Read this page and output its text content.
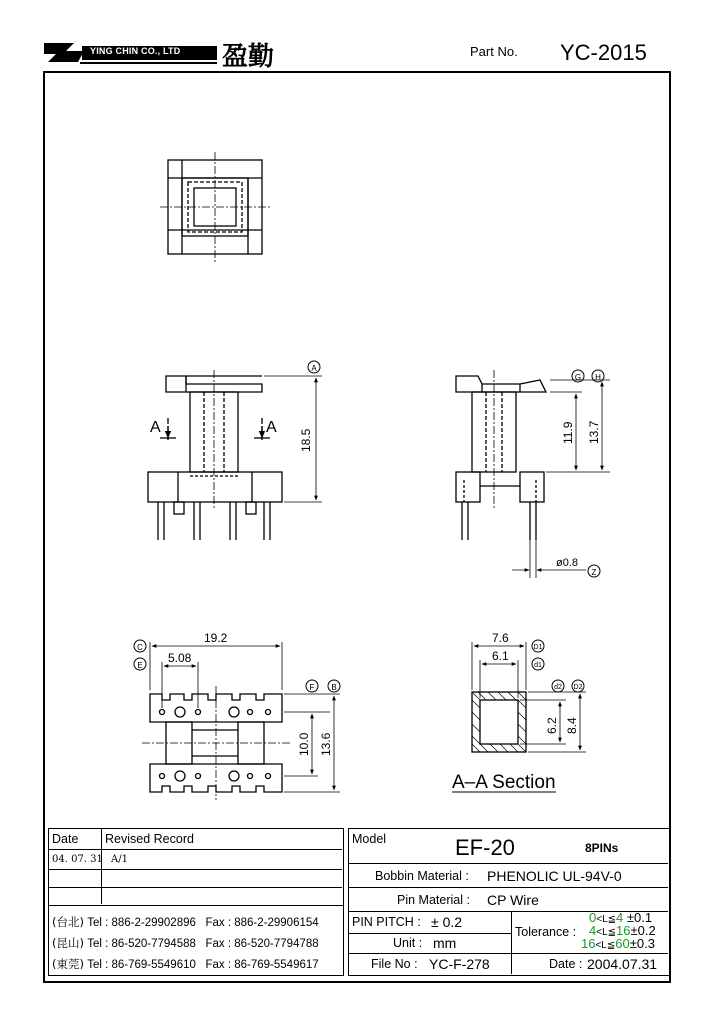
YING CHIN CO., LTD 盈勤	Part No. YC-2015
A	A
18.5
A
11.9 13.7
G H
ø0.8
Z
19.2
5.08
C
E
10.0 13.6
F B
7.6
6.1
D1
d1
6.2 8.4
d2 D2
A–A Section
Date Revised Record
04. 07. 31 A/1
(台北) Tel : 886-2-29902896 Fax : 886-2-29906154
(昆山) Tel : 86-520-7794588 Fax : 86-520-7794788
(東莞) Tel : 86-769-5549610 Fax : 86-769-5549617
Model	EF-20	8PINs
Bobbin Material : PHENOLIC UL-94V-0
Pin Material : CP Wire
PIN PITCH : ± 0.2
Unit : mm
Tolerance :
0<L≦4 ±0.1
4<L≦16±0.2
16<L≦60±0.3
File No : YC-F-278	Date : 2004.07.31
